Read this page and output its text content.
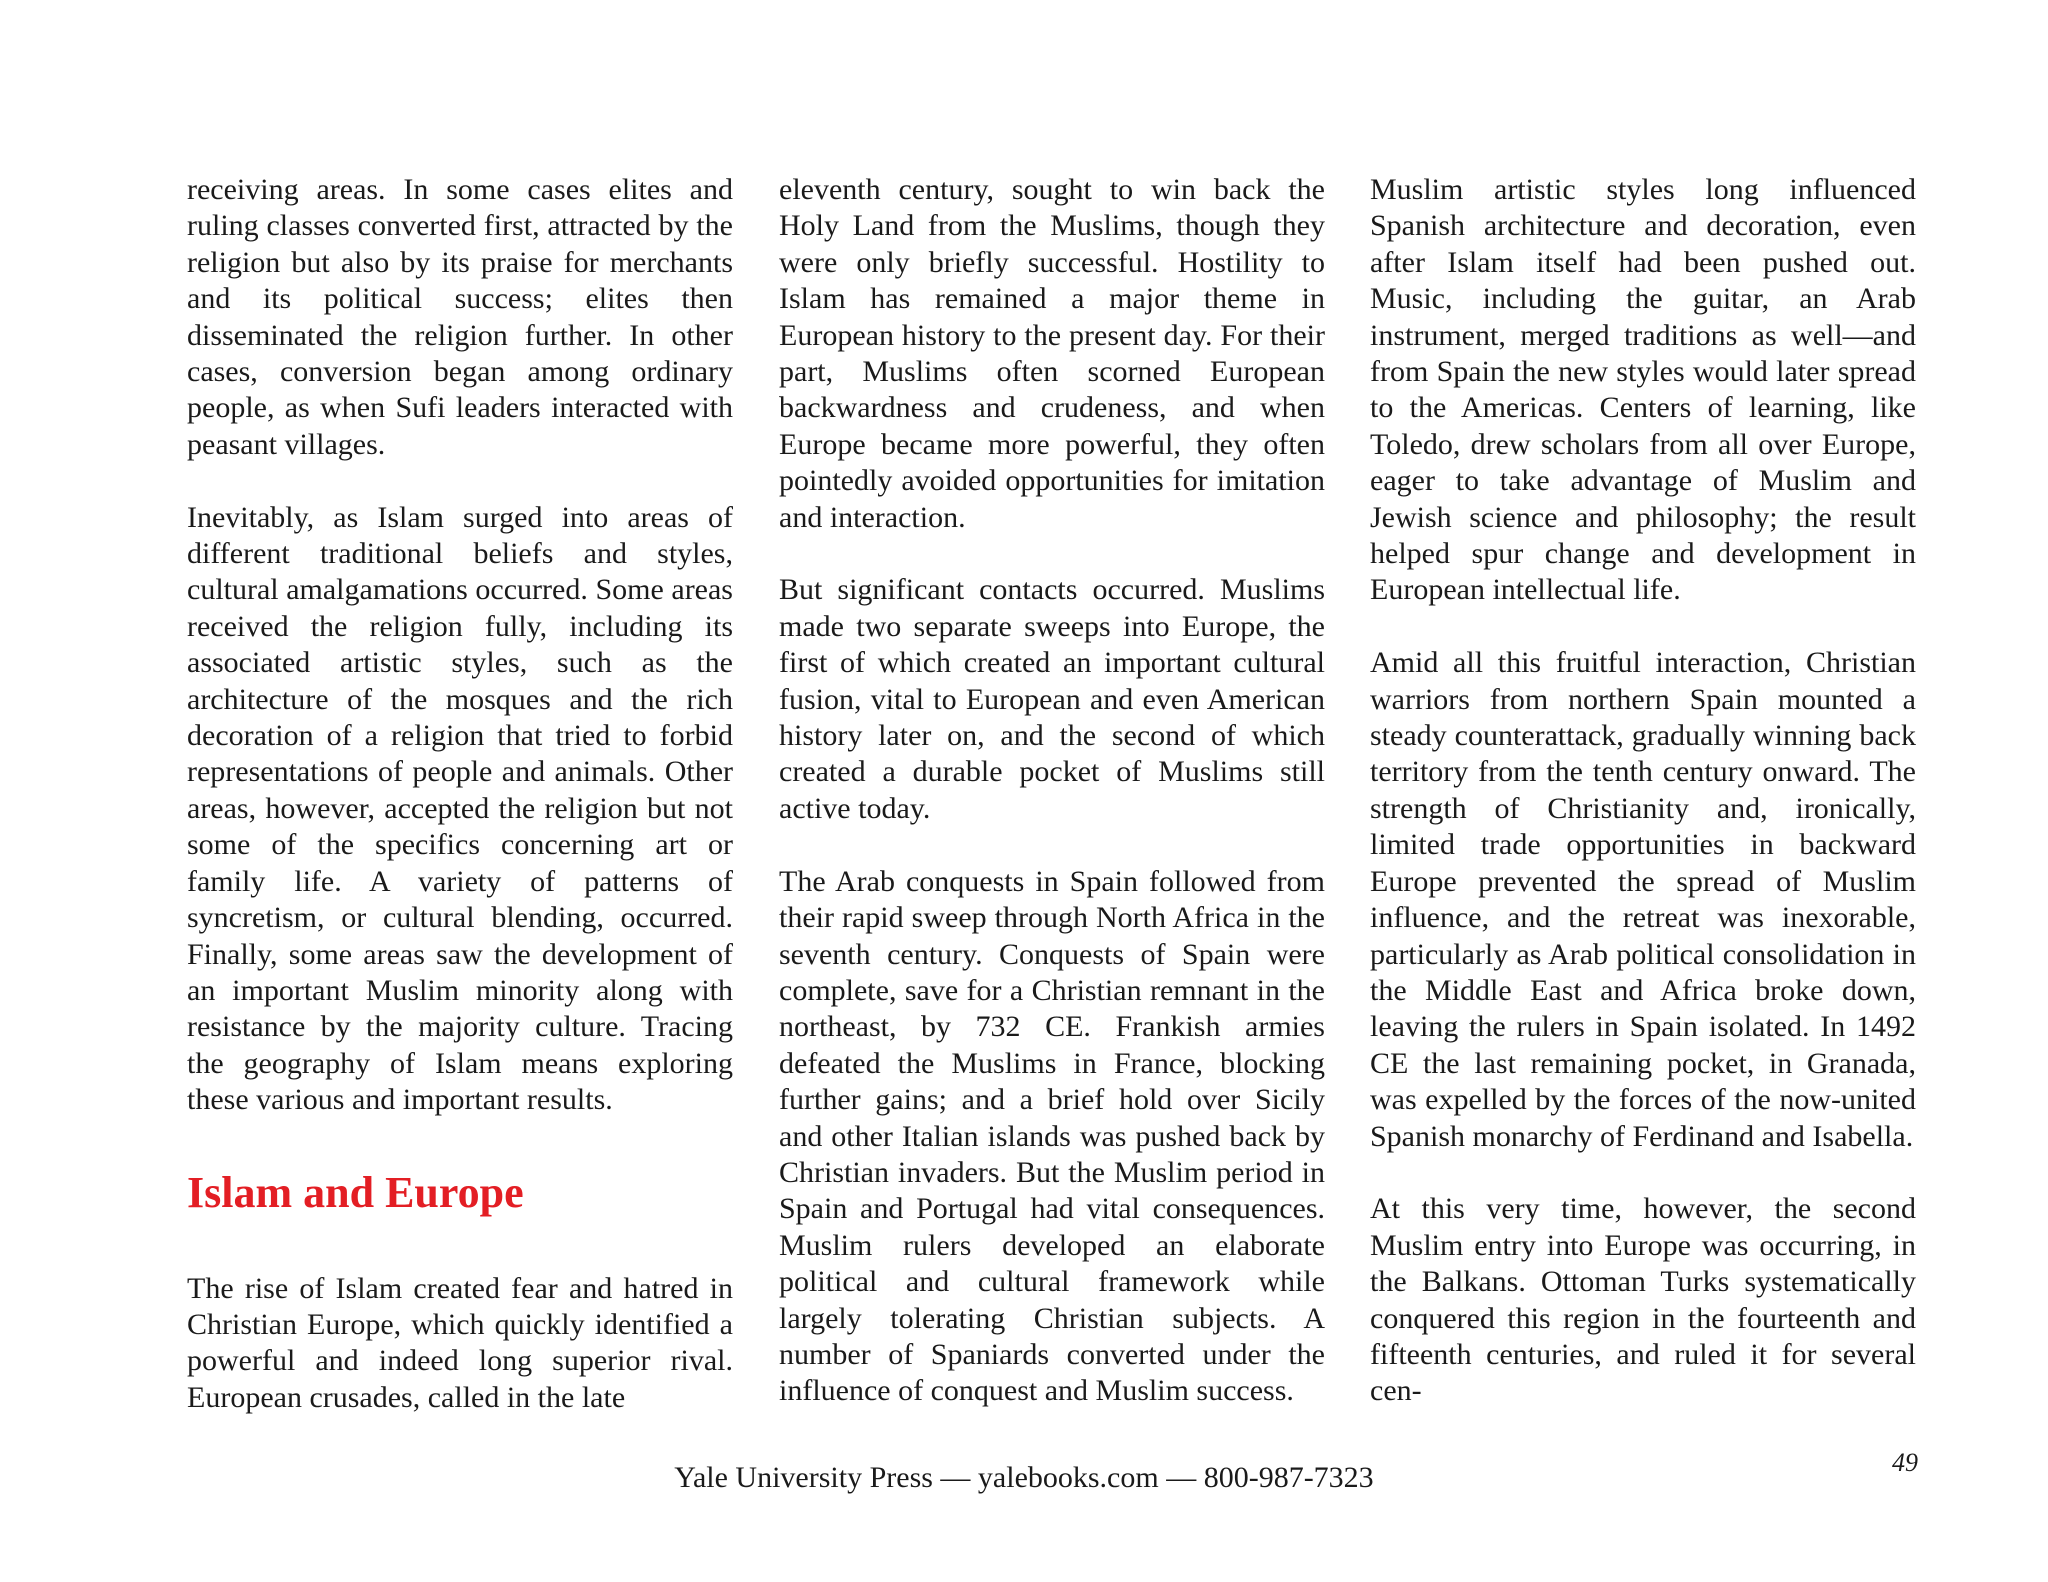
receiving areas. In some cases elites and ruling classes converted first, attracted by the religion but also by its praise for merchants and its political success; elites then disseminated the religion further. In other cases, conversion began among ordinary people, as when Sufi leaders interacted with peasant villages.

Inevitably, as Islam surged into areas of different traditional beliefs and styles, cultural amalgamations occurred. Some areas received the religion fully, including its associated artistic styles, such as the architecture of the mosques and the rich decoration of a religion that tried to forbid representations of people and animals. Other areas, however, accepted the religion but not some of the specifics concerning art or family life. A variety of patterns of syncretism, or cultural blending, occurred. Finally, some areas saw the development of an important Muslim minority along with resistance by the majority culture. Tracing the geography of Islam means exploring these various and important results.

Islam and Europe

The rise of Islam created fear and hatred in Christian Europe, which quickly identified a powerful and indeed long superior rival. European crusades, called in the late

eleventh century, sought to win back the Holy Land from the Muslims, though they were only briefly successful. Hostility to Islam has remained a major theme in European history to the present day. For their part, Muslims often scorned European backwardness and crudeness, and when Europe became more powerful, they often pointedly avoided opportunities for imitation and interaction.

But significant contacts occurred. Muslims made two separate sweeps into Europe, the first of which created an important cultural fusion, vital to European and even American history later on, and the second of which created a durable pocket of Muslims still active today.

The Arab conquests in Spain followed from their rapid sweep through North Africa in the seventh century. Conquests of Spain were complete, save for a Christian remnant in the northeast, by 732 CE. Frankish armies defeated the Muslims in France, blocking further gains; and a brief hold over Sicily and other Italian islands was pushed back by Christian invaders. But the Muslim period in Spain and Portugal had vital consequences. Muslim rulers developed an elaborate political and cultural framework while largely tolerating Christian subjects. A number of Spaniards converted under the influence of conquest and Muslim success.

Muslim artistic styles long influenced Spanish architecture and decoration, even after Islam itself had been pushed out. Music, including the guitar, an Arab instrument, merged traditions as well—and from Spain the new styles would later spread to the Americas. Centers of learning, like Toledo, drew scholars from all over Europe, eager to take advantage of Muslim and Jewish science and philosophy; the result helped spur change and development in European intellectual life.

Amid all this fruitful interaction, Christian warriors from northern Spain mounted a steady counterattack, gradually winning back territory from the tenth century onward. The strength of Christianity and, ironically, limited trade opportunities in backward Europe prevented the spread of Muslim influence, and the retreat was inexorable, particularly as Arab political consolidation in the Middle East and Africa broke down, leaving the rulers in Spain isolated. In 1492 CE the last remaining pocket, in Granada, was expelled by the forces of the now-united Spanish monarchy of Ferdinand and Isabella.

At this very time, however, the second Muslim entry into Europe was occurring, in the Balkans. Ottoman Turks systematically conquered this region in the fourteenth and fifteenth centuries, and ruled it for several cen-

Yale University Press — yalebooks.com — 800-987-7323	49
